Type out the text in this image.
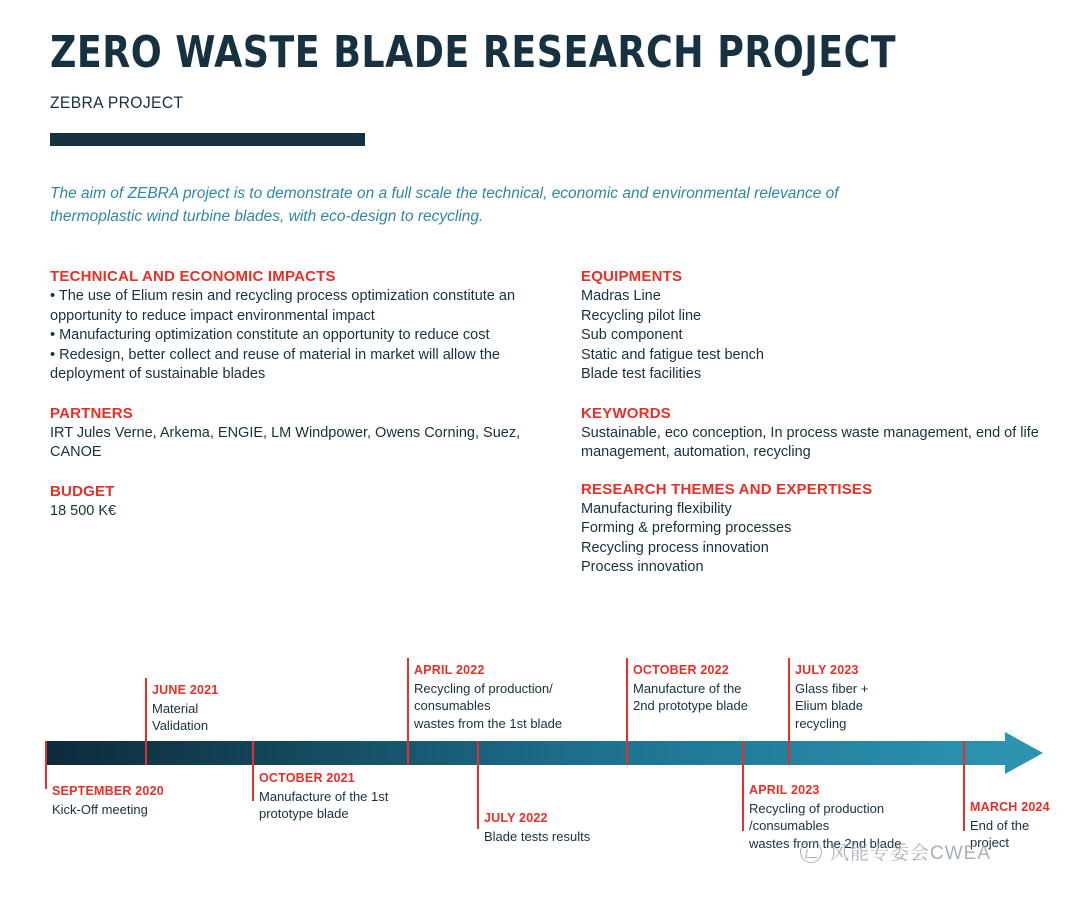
ZERO WASTE BLADE RESEARCH PROJECT
ZEBRA PROJECT
The aim of ZEBRA project is to demonstrate on a full scale the technical, economic and environmental relevance of thermoplastic wind turbine blades, with eco-design to recycling.
TECHNICAL AND ECONOMIC IMPACTS
• The use of Elium resin and recycling process optimization constitute an
opportunity to reduce impact environmental impact
• Manufacturing optimization constitute an opportunity to reduce cost
• Redesign, better collect and reuse of material in market will allow the
deployment of sustainable blades
PARTNERS
IRT Jules Verne, Arkema, ENGIE, LM Windpower, Owens Corning, Suez, CANOE
BUDGET
18 500 K€
EQUIPMENTS
Madras Line
Recycling pilot line
Sub component
Static and fatigue test bench
Blade test facilities
KEYWORDS
Sustainable, eco conception, In process waste management, end of life
management, automation, recycling
RESEARCH THEMES AND EXPERTISES
Manufacturing flexibility
Forming & preforming processes
Recycling process innovation
Process innovation
SEPTEMBER 2020
Kick-Off meeting
JUNE 2021
Material
Validation
OCTOBER 2021
Manufacture of the 1st
prototype blade
APRIL 2022
Recycling of production/
consumables
wastes from the 1st blade
JULY 2022
Blade tests results
OCTOBER 2022
Manufacture of the
2nd prototype blade
JULY 2023
Glass fiber +
Elium blade
recycling
APRIL 2023
Recycling of production
/consumables
wastes from the 2nd blade
MARCH 2024
End of the
project
风能专委会CWEA
